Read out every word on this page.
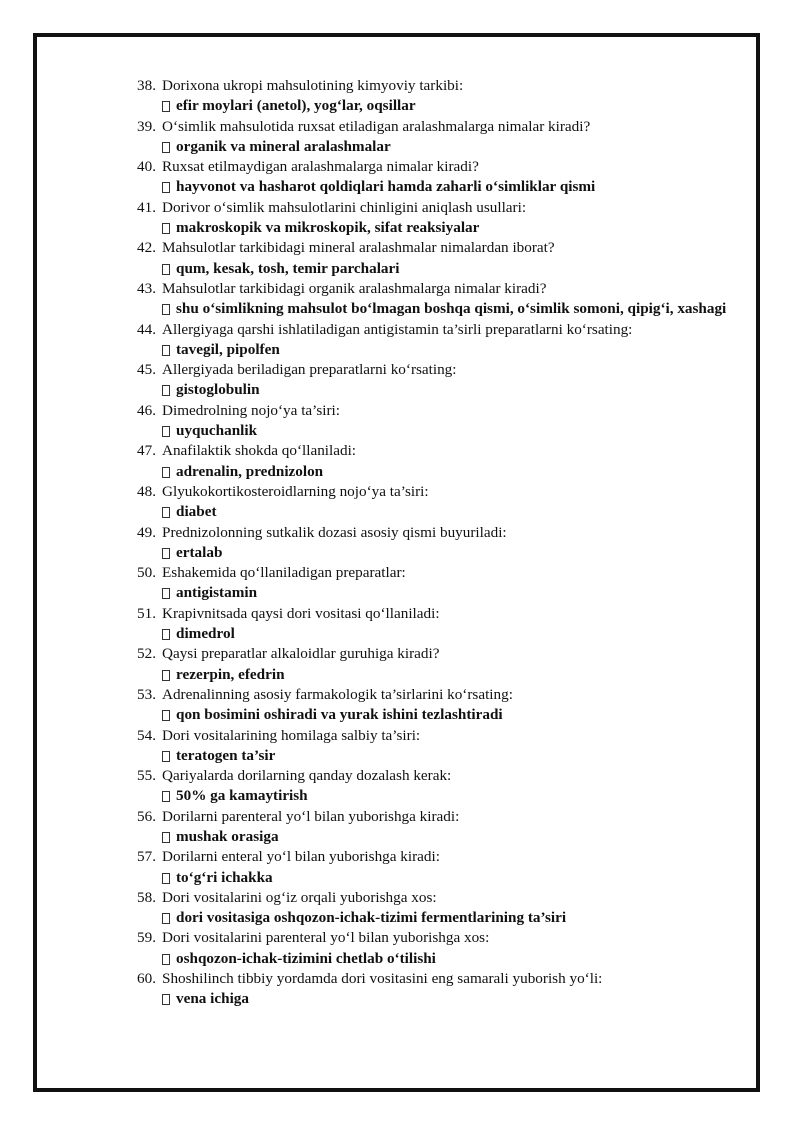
38. Dorixona ukropi mahsulotining kimyoviy tarkibi:
efir moylari (anetol), yog‘lar, oqsillar
39. O‘simlik mahsulotida ruxsat etiladigan aralashmalarga nimalar kiradi?
organik va mineral aralashmalar
40. Ruxsat etilmaydigan aralashmalarga nimalar kiradi?
hayvonot va hasharot qoldiqlari hamda zaharli o‘simliklar qismi
41. Dorivor o‘simlik mahsulotlarini chinligini aniqlash usullari:
makroskopik va mikroskopik, sifat reaksiyalar
42. Mahsulotlar tarkibidagi mineral aralashmalar nimalardan iborat?
qum, kesak, tosh, temir parchalari
43. Mahsulotlar tarkibidagi organik aralashmalarga nimalar kiradi?
shu o‘simlikning mahsulot bo‘lmagan boshqa qismi, o‘simlik somoni, qipig‘i, xashagi
44. Allergiyaga qarshi ishlatiladigan antigistamin ta’sirli preparatlarni ko‘rsating:
tavegil, pipolfen
45. Allergiyada beriladigan preparatlarni ko‘rsating:
gistoglobulin
46. Dimedrolning nojo‘ya ta’siri:
uyquchanlik
47. Anafilaktik shokda qo‘llaniladi:
adrenalin, prednizolon
48. Glyukokortikosteroidlarning nojo‘ya ta’siri:
diabet
49. Prednizolonning sutkalik dozasi asosiy qismi buyuriladi:
ertalab
50. Eshakemida qo‘llaniladigan preparatlar:
antigistamin
51. Krapivnitsada qaysi dori vositasi qo‘llaniladi:
dimedrol
52. Qaysi preparatlar alkaloidlar guruhiga kiradi?
rezerpin, efedrin
53. Adrenalinning asosiy farmakologik ta’sirlarini ko‘rsating:
qon bosimini oshiradi va yurak ishini tezlashtiradi
54. Dori vositalarining homilaga salbiy ta’siri:
teratogen ta’sir
55. Qariyalarda dorilarning qanday dozalash kerak:
50% ga kamaytirish
56. Dorilarni parenteral yo‘l bilan yuborishga kiradi:
mushak orasiga
57. Dorilarni enteral yo‘l bilan yuborishga kiradi:
to‘g‘ri ichakka
58. Dori vositalarini og‘iz orqali yuborishga xos:
dori vositasiga oshqozon-ichak-tizimi fermentlarining ta’siri
59. Dori vositalarini parenteral yo‘l bilan yuborishga xos:
oshqozon-ichak-tizimini chetlab o‘tilishi
60. Shoshilinch tibbiy yordamda dori vositasini eng samarali yuborish yo‘li:
vena ichiga
